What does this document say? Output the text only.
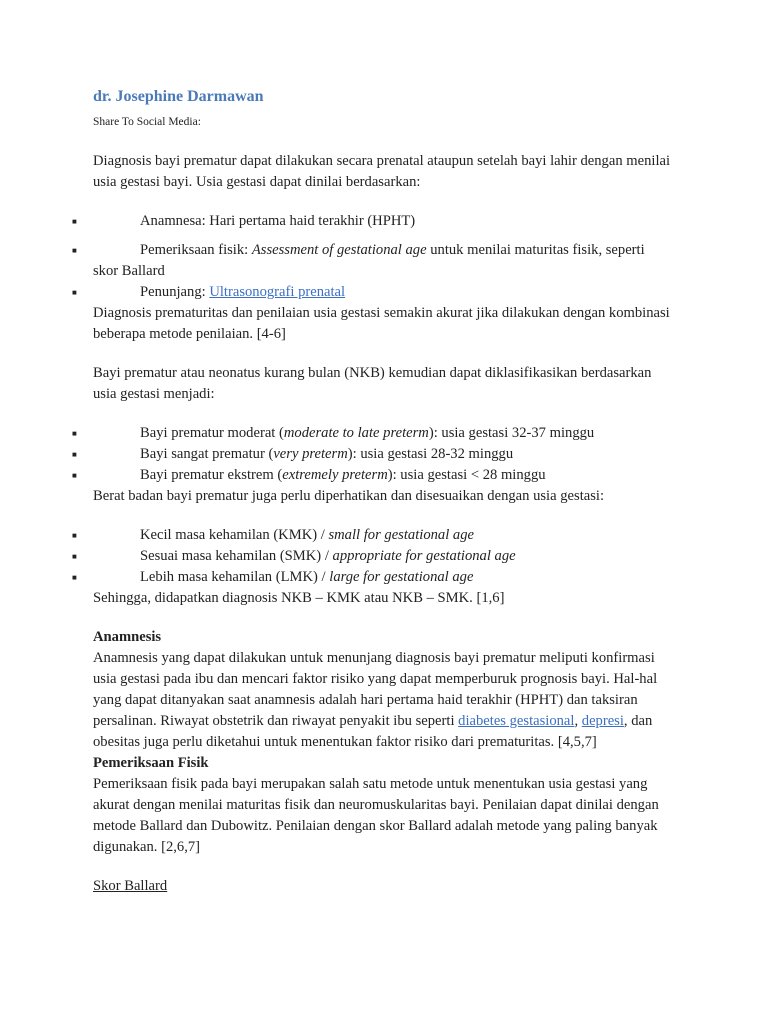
dr. Josephine Darmawan

Share To Social Media:

Diagnosis bayi prematur dapat dilakukan secara prenatal ataupun setelah bayi lahir dengan menilai usia gestasi bayi. Usia gestasi dapat dinilai berdasarkan:

■	Anamnesa: Hari pertama haid terakhir (HPHT)
■	Pemeriksaan fisik: Assessment of gestational age untuk menilai maturitas fisik, seperti skor Ballard
■	Penunjang: Ultrasonografi prenatal

Diagnosis prematuritas dan penilaian usia gestasi semakin akurat jika dilakukan dengan kombinasi beberapa metode penilaian. [4-6]

Bayi prematur atau neonatus kurang bulan (NKB) kemudian dapat diklasifikasikan berdasarkan usia gestasi menjadi:

■	Bayi prematur moderat (moderate to late preterm): usia gestasi 32-37 minggu
■	Bayi sangat prematur (very preterm): usia gestasi 28-32 minggu
■	Bayi prematur ekstrem (extremely preterm): usia gestasi < 28 minggu

Berat badan bayi prematur juga perlu diperhatikan dan disesuaikan dengan usia gestasi:

■	Kecil masa kehamilan (KMK) / small for gestational age
■	Sesuai masa kehamilan (SMK) / appropriate for gestational age
■	Lebih masa kehamilan (LMK) / large for gestational age

Sehingga, didapatkan diagnosis NKB – KMK atau NKB – SMK. [1,6]

Anamnesis

Anamnesis yang dapat dilakukan untuk menunjang diagnosis bayi prematur meliputi konfirmasi usia gestasi pada ibu dan mencari faktor risiko yang dapat memperburuk prognosis bayi. Hal-hal yang dapat ditanyakan saat anamnesis adalah hari pertama haid terakhir (HPHT) dan taksiran persalinan. Riwayat obstetrik dan riwayat penyakit ibu seperti diabetes gestasional, depresi, dan obesitas juga perlu diketahui untuk menentukan faktor risiko dari prematuritas. [4,5,7]

Pemeriksaan Fisik

Pemeriksaan fisik pada bayi merupakan salah satu metode untuk menentukan usia gestasi yang akurat dengan menilai maturitas fisik dan neuromuskularitas bayi. Penilaian dapat dinilai dengan metode Ballard dan Dubowitz. Penilaian dengan skor Ballard adalah metode yang paling banyak digunakan. [2,6,7]

Skor Ballard
